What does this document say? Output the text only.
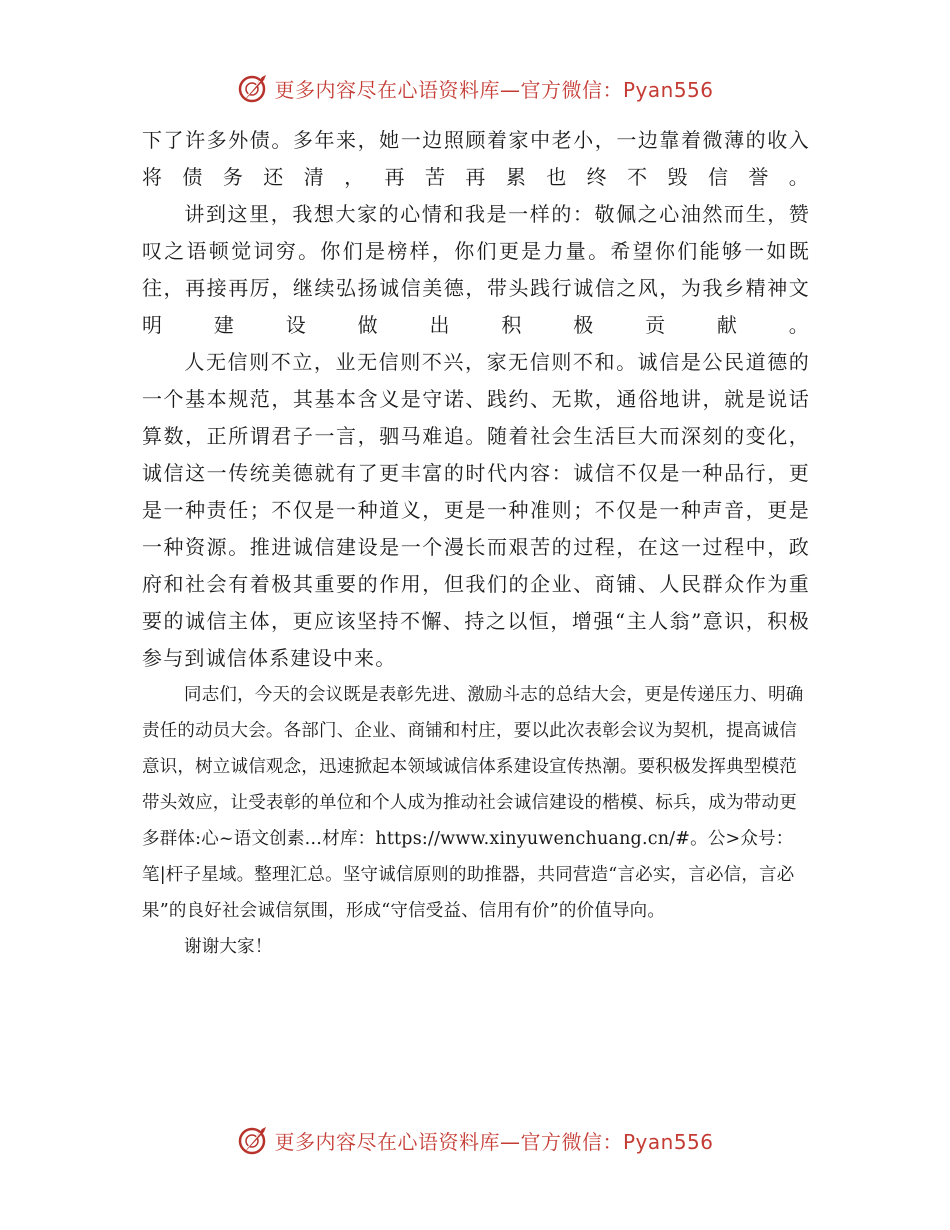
更多内容尽在心语资料库—官方微信：Pyan556

下了许多外债。多年来，她一边照顾着家中老小，一边靠着微薄的收入将债务还清，再苦再累也终不毁信誉。

讲到这里，我想大家的心情和我是一样的：敬佩之心油然而生，赞叹之语顿觉词穷。你们是榜样，你们更是力量。希望你们能够一如既往，再接再厉，继续弘扬诚信美德，带头践行诚信之风，为我乡精神文明建设做出积极贡献。

人无信则不立，业无信则不兴，家无信则不和。诚信是公民道德的一个基本规范，其基本含义是守诺、践约、无欺，通俗地讲，就是说话算数，正所谓君子一言，驷马难追。随着社会生活巨大而深刻的变化，诚信这一传统美德就有了更丰富的时代内容：诚信不仅是一种品行，更是一种责任；不仅是一种道义，更是一种准则；不仅是一种声音，更是一种资源。推进诚信建设是一个漫长而艰苦的过程，在这一过程中，政府和社会有着极其重要的作用，但我们的企业、商铺、人民群众作为重要的诚信主体，更应该坚持不懈、持之以恒，增强“主人翁”意识，积极参与到诚信体系建设中来。

同志们，今天的会议既是表彰先进、激励斗志的总结大会，更是传递压力、明确责任的动员大会。各部门、企业、商铺和村庄，要以此次表彰会议为契机，提高诚信意识，树立诚信观念，迅速掀起本领域诚信体系建设宣传热潮。要积极发挥典型模范带头效应，让受表彰的单位和个人成为推动社会诚信建设的楷模、标兵，成为带动更多群体:心~语文创素…材库：https://www.xinyuwenchuang.cn/#。公>众号：笔|杆子星域。整理汇总。坚守诚信原则的助推器，共同营造“言必实，言必信，言必果”的良好社会诚信氛围，形成“守信受益、信用有价”的价值导向。

谢谢大家！

更多内容尽在心语资料库—官方微信：Pyan556
